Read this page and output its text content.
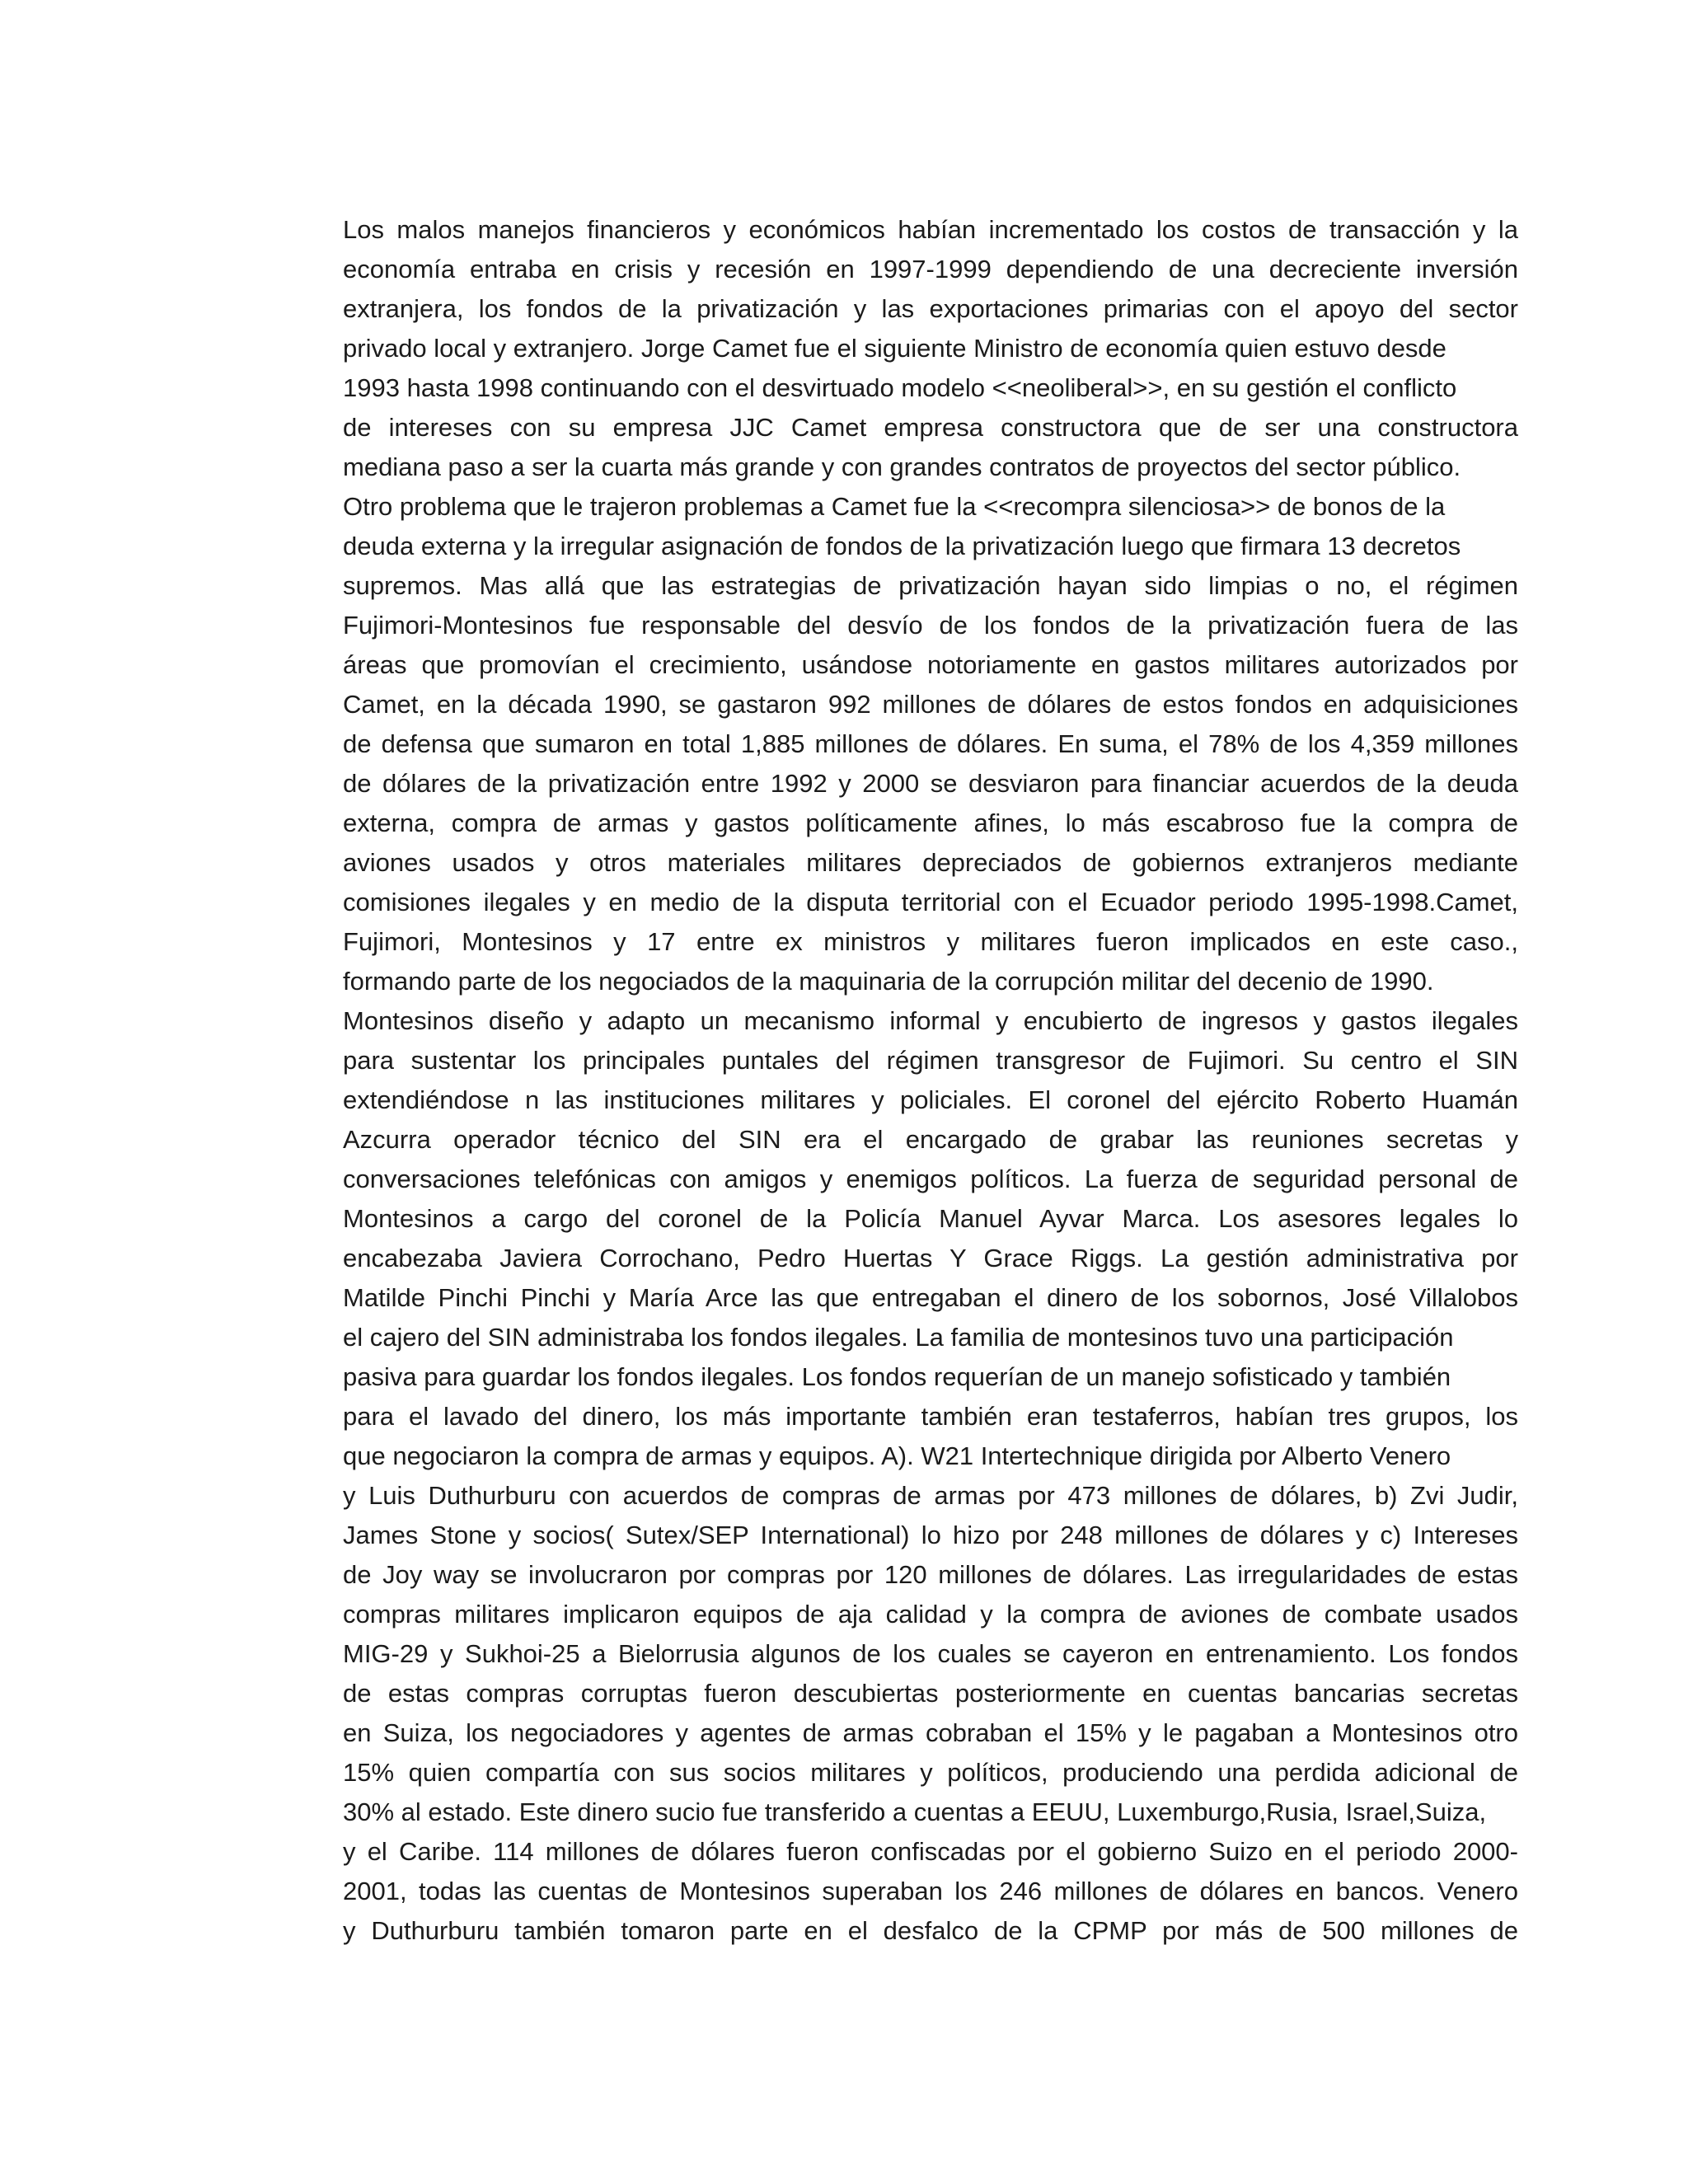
Los malos manejos financieros y económicos habían incrementado los costos de transacción y la
economía entraba en crisis y recesión en 1997-1999 dependiendo de una decreciente inversión
extranjera, los fondos de la privatización y las exportaciones primarias con el apoyo del sector
privado local y extranjero. Jorge Camet fue el siguiente Ministro de economía quien estuvo desde
1993 hasta 1998 continuando con el desvirtuado modelo <<neoliberal>>, en su gestión el conflicto
de intereses con su empresa JJC Camet empresa constructora que de ser una constructora
mediana paso a ser la cuarta más grande y con grandes contratos de proyectos del sector público.
Otro problema que le trajeron problemas a Camet fue la <<recompra silenciosa>> de bonos de la
deuda externa y la irregular asignación de fondos de la privatización luego que firmara 13 decretos
supremos. Mas allá que las estrategias de privatización hayan sido limpias o no, el régimen
Fujimori-Montesinos fue responsable del desvío de los fondos de la privatización fuera de las
áreas que promovían el crecimiento, usándose notoriamente en gastos militares autorizados por
Camet, en la década 1990, se gastaron 992 millones de dólares de estos fondos en adquisiciones
de defensa que sumaron en total 1,885 millones de dólares. En suma, el 78% de los 4,359 millones
de dólares de la privatización entre 1992 y 2000 se desviaron para financiar acuerdos de la deuda
externa, compra de armas y gastos políticamente afines, lo más escabroso fue la compra de
aviones usados y otros materiales militares depreciados de gobiernos extranjeros mediante
comisiones ilegales y en medio de la disputa territorial con el Ecuador periodo 1995-1998.Camet,
Fujimori, Montesinos y 17 entre ex ministros y militares fueron implicados en este caso.,
formando parte de los negociados de la maquinaria de la corrupción militar del decenio de 1990.
Montesinos diseño y adapto un mecanismo informal y encubierto de ingresos y gastos ilegales
para sustentar los principales puntales del régimen transgresor de Fujimori. Su centro el SIN
extendiéndose n las instituciones militares y policiales. El coronel del ejército Roberto Huamán
Azcurra operador técnico del SIN era el encargado de grabar las reuniones secretas y
conversaciones telefónicas con amigos y enemigos políticos. La fuerza de seguridad personal de
Montesinos a cargo del coronel de la Policía Manuel Ayvar Marca. Los asesores legales lo
encabezaba Javiera Corrochano, Pedro Huertas Y Grace Riggs. La gestión administrativa por
Matilde Pinchi Pinchi y María Arce las que entregaban el dinero de los sobornos, José Villalobos
el cajero del SIN administraba los fondos ilegales. La familia de montesinos tuvo una participación
pasiva para guardar los fondos ilegales. Los fondos requerían de un manejo sofisticado y también
para el lavado del dinero, los más importante también eran testaferros, habían tres grupos, los
que negociaron la compra de armas y equipos. A). W21 Intertechnique dirigida por Alberto Venero
y Luis Duthurburu con acuerdos de compras de armas por 473 millones de dólares, b) Zvi Judir,
James Stone y socios( Sutex/SEP International) lo hizo por 248 millones de dólares y c) Intereses
de Joy way se involucraron por compras por 120 millones de dólares. Las irregularidades de estas
compras militares implicaron equipos de aja calidad y la compra de aviones de combate usados
MIG-29 y Sukhoi-25 a Bielorrusia algunos de los cuales se cayeron en entrenamiento. Los fondos
de estas compras corruptas fueron descubiertas posteriormente en cuentas bancarias secretas
en Suiza, los negociadores y agentes de armas cobraban el 15% y le pagaban a Montesinos otro
15% quien compartía con sus socios militares y políticos, produciendo una perdida adicional de
30% al estado. Este dinero sucio fue transferido a cuentas a EEUU, Luxemburgo,Rusia, Israel,Suiza,
y el Caribe. 114 millones de dólares fueron confiscadas por el gobierno Suizo en el periodo 2000-
2001, todas las cuentas de Montesinos superaban los 246 millones de dólares en bancos. Venero
y Duthurburu también tomaron parte en el desfalco de la CPMP por más de 500 millones de
